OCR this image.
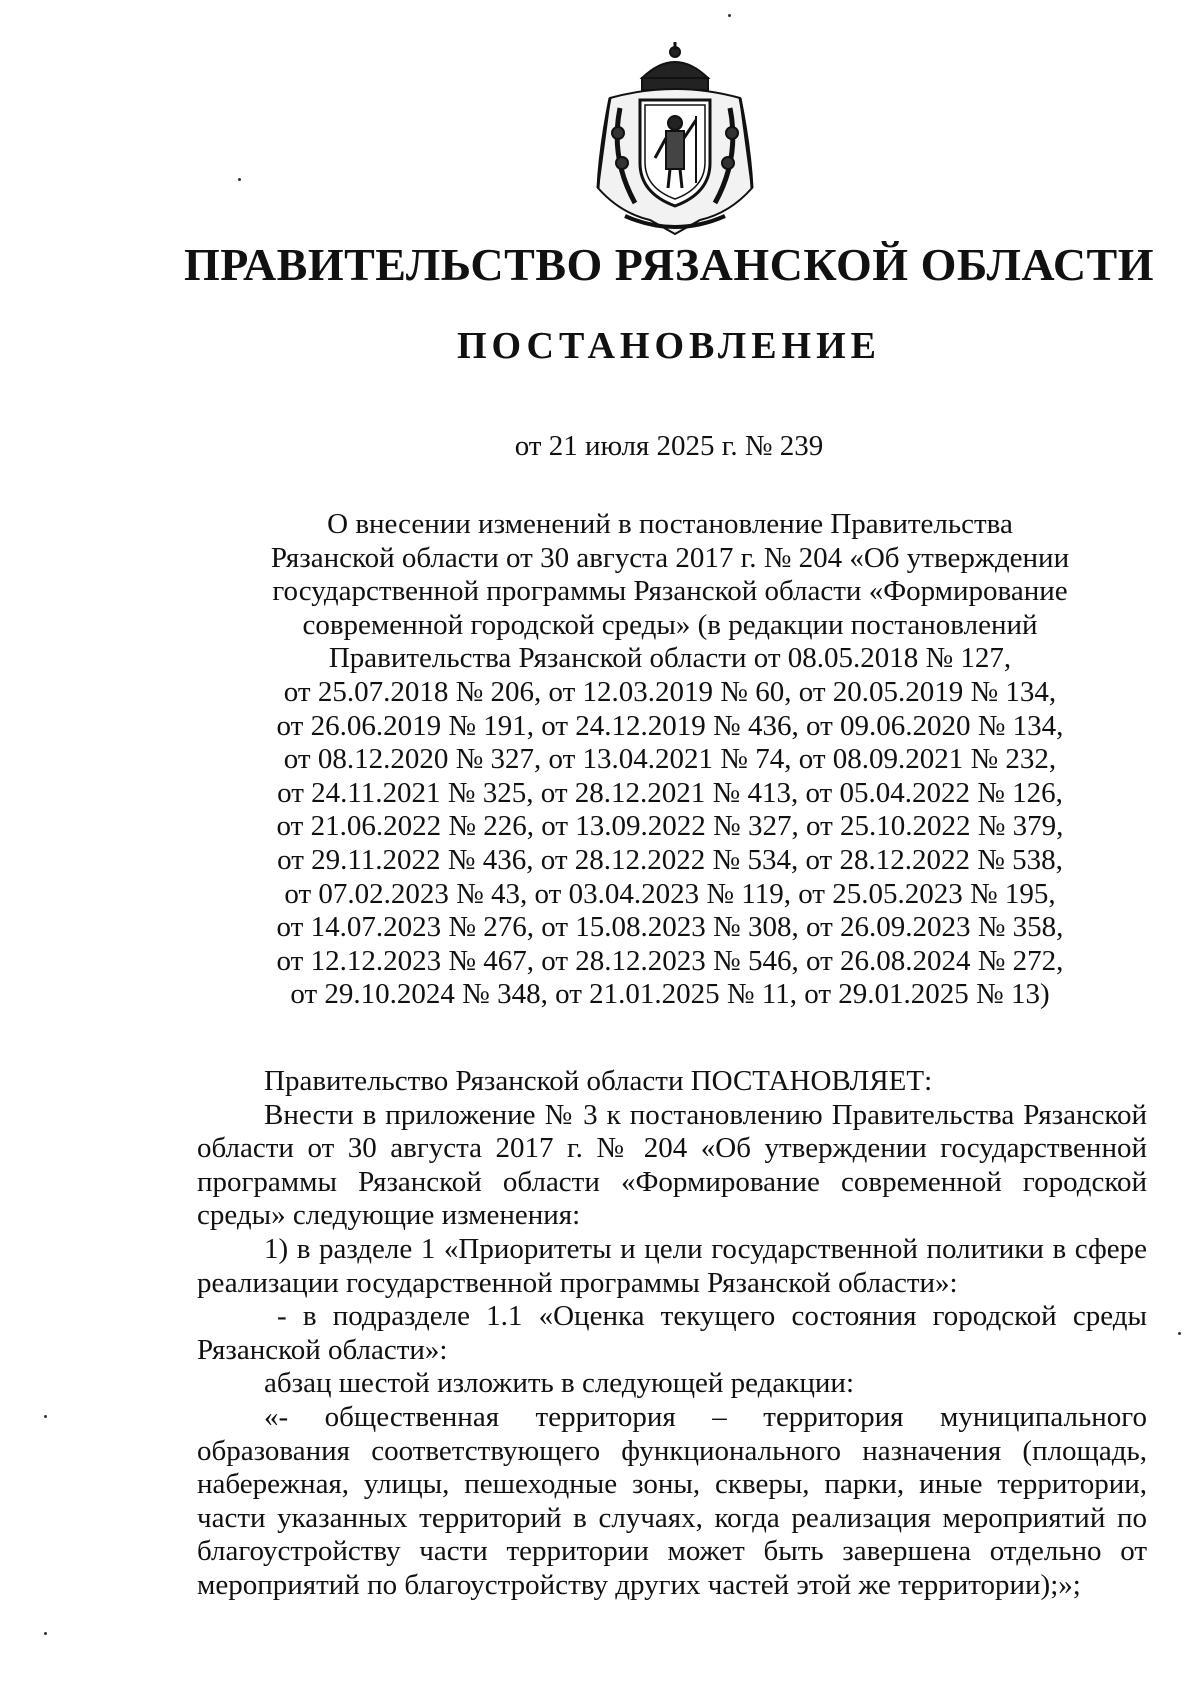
ПРАВИТЕЛЬСТВО РЯЗАНСКОЙ ОБЛАСТИ
ПОСТАНОВЛЕНИЕ

от 21 июля 2025 г. № 239

О внесении изменений в постановление Правительства
Рязанской области от 30 августа 2017 г. № 204 «Об утверждении
государственной программы Рязанской области «Формирование
современной городской среды» (в редакции постановлений
Правительства Рязанской области от 08.05.2018 № 127,
от 25.07.2018 № 206, от 12.03.2019 № 60, от 20.05.2019 № 134,
от 26.06.2019 № 191, от 24.12.2019 № 436, от 09.06.2020 № 134,
от 08.12.2020 № 327, от 13.04.2021 № 74, от 08.09.2021 № 232,
от 24.11.2021 № 325, от 28.12.2021 № 413, от 05.04.2022 № 126,
от 21.06.2022 № 226, от 13.09.2022 № 327, от 25.10.2022 № 379,
от 29.11.2022 № 436, от 28.12.2022 № 534, от 28.12.2022 № 538,
от 07.02.2023 № 43, от 03.04.2023 № 119, от 25.05.2023 № 195,
от 14.07.2023 № 276, от 15.08.2023 № 308, от 26.09.2023 № 358,
от 12.12.2023 № 467, от 28.12.2023 № 546, от 26.08.2024 № 272,
от 29.10.2024 № 348, от 21.01.2025 № 11, от 29.01.2025 № 13)

Правительство Рязанской области ПОСТАНОВЛЯЕТ:

Внести в приложение № 3 к постановлению Правительства Рязанской области от 30 августа 2017 г. № 204 «Об утверждении государственной программы Рязанской области «Формирование современной городской среды» следующие изменения:

1) в разделе 1 «Приоритеты и цели государственной политики в сфере реализации государственной программы Рязанской области»:

- в подразделе 1.1 «Оценка текущего состояния городской среды Рязанской области»:

абзац шестой изложить в следующей редакции:

«- общественная территория – территория муниципального

образования соответствующего функционального назначения (площадь, набережная, улицы, пешеходные зоны, скверы, парки, иные территории, части указанных территорий в случаях, когда реализация мероприятий по благоустройству части территории может быть завершена отдельно от мероприятий по благоустройству других частей этой же территории);»;
